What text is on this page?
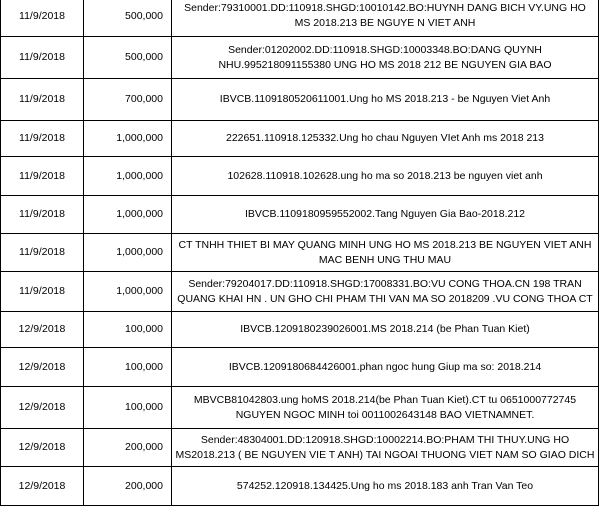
11/9/2018	500,000	Sender:79310001.DD:110918.SHGD:10010142.BO:HUYNH DANG BICH VY.UNG HO MS 2018.213 BE NGUYE N VIET ANH
11/9/2018	500,000	Sender:01202002.DD:110918.SHGD:10003348.BO:DANG QUYNH NHU.995218091155380 UNG HO MS 2018 212 BE NGUYEN GIA BAO
11/9/2018	700,000	IBVCB.1109180520611001.Ung ho MS 2018.213 - be Nguyen Viet Anh
11/9/2018	1,000,000	222651.110918.125332.Ung ho chau Nguyen VIet Anh ms 2018 213
11/9/2018	1,000,000	102628.110918.102628.ung ho ma so 2018.213 be nguyen viet anh
11/9/2018	1,000,000	IBVCB.1109180959552002.Tang Nguyen Gia Bao-2018.212
11/9/2018	1,000,000	CT TNHH THIET BI MAY QUANG MINH UNG HO MS 2018.213 BE NGUYEN VIET ANH MAC BENH UNG THU MAU
11/9/2018	1,000,000	Sender:79204017.DD:110918.SHGD:17008331.BO:VU CONG THOA.CN 198 TRAN QUANG KHAI HN . UN GHO CHI PHAM THI VAN MA SO 2018209 .VU CONG THOA CT
12/9/2018	100,000	IBVCB.1209180239026001.MS 2018.214 (be Phan Tuan Kiet)
12/9/2018	100,000	IBVCB.1209180684426001.phan ngoc hung Giup ma so: 2018.214
12/9/2018	100,000	MBVCB81042803.ung hoMS 2018.214(be Phan Tuan Kiet).CT tu 0651000772745 NGUYEN NGOC MINH toi 0011002643148 BAO VIETNAMNET.
12/9/2018	200,000	Sender:48304001.DD:120918.SHGD:10002214.BO:PHAM THI THUY.UNG HO MS2018.213 ( BE NGUYEN VIE T ANH) TAI NGOAI THUONG VIET NAM SO GIAO DICH
12/9/2018	200,000	574252.120918.134425.Ung ho ms 2018.183 anh Tran Van Teo
